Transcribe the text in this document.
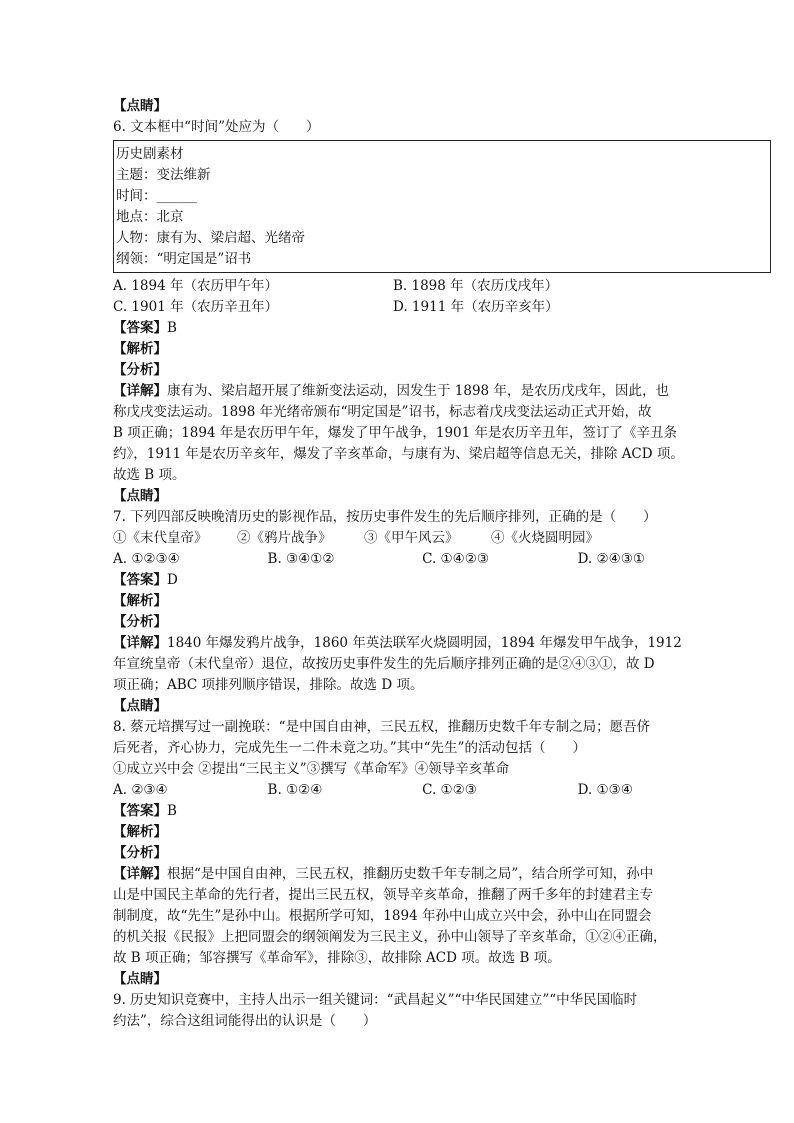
【点睛】
6. 文本框中“时间”处应为（　　）
历史剧素材
主题：变法维新
时间：______
地点：北京
人物：康有为、梁启超、光绪帝
纲领：“明定国是”诏书
A. 1894 年（农历甲午年）	B. 1898 年（农历戊戌年）
C. 1901 年（农历辛丑年）	D. 1911 年（农历辛亥年）
【答案】B
【解析】
【分析】
【详解】康有为、梁启超开展了维新变法运动，因发生于 1898 年，是农历戊戌年，因此，也
称戊戌变法运动。1898 年光绪帝颁布“明定国是”诏书，标志着戊戌变法运动正式开始，故
B 项正确；1894 年是农历甲午年，爆发了甲午战争，1901 年是农历辛丑年，签订了《辛丑条
约》，1911 年是农历辛亥年，爆发了辛亥革命，与康有为、梁启超等信息无关，排除 ACD 项。
故选 B 项。
【点睛】
7. 下列四部反映晚清历史的影视作品，按历史事件发生的先后顺序排列，正确的是（　　）
①《末代皇帝》	②《鸦片战争》	③《甲午风云》	④《火烧圆明园》
A. ①②③④	B. ③④①②	C. ①④②③	D. ②④③①
【答案】D
【解析】
【分析】
【详解】1840 年爆发鸦片战争，1860 年英法联军火烧圆明园，1894 年爆发甲午战争，1912
年宣统皇帝（末代皇帝）退位，故按历史事件发生的先后顺序排列正确的是②④③①，故 D
项正确；ABC 项排列顺序错误，排除。故选 D 项。
【点睛】
8. 蔡元培撰写过一副挽联：“是中国自由神，三民五权，推翻历史数千年专制之局；愿吾侪
后死者，齐心协力，完成先生一二件未竟之功。”其中“先生”的活动包括（　　）
①成立兴中会 ②提出“三民主义”③撰写《革命军》④领导辛亥革命
A. ②③④	B. ①②④	C. ①②③	D. ①③④
【答案】B
【解析】
【分析】
【详解】根据“是中国自由神，三民五权，推翻历史数千年专制之局”，结合所学可知，孙中
山是中国民主革命的先行者，提出三民五权，领导辛亥革命，推翻了两千多年的封建君主专
制制度，故“先生”是孙中山。根据所学可知，1894 年孙中山成立兴中会，孙中山在同盟会
的机关报《民报》上把同盟会的纲领阐发为三民主义，孙中山领导了辛亥革命，①②④正确，
故 B 项正确；邹容撰写《革命军》，排除③，故排除 ACD 项。故选 B 项。
【点睛】
9. 历史知识竞赛中，主持人出示一组关键词：“武昌起义”“中华民国建立”“中华民国临时
约法”，综合这组词能得出的认识是（　　）
